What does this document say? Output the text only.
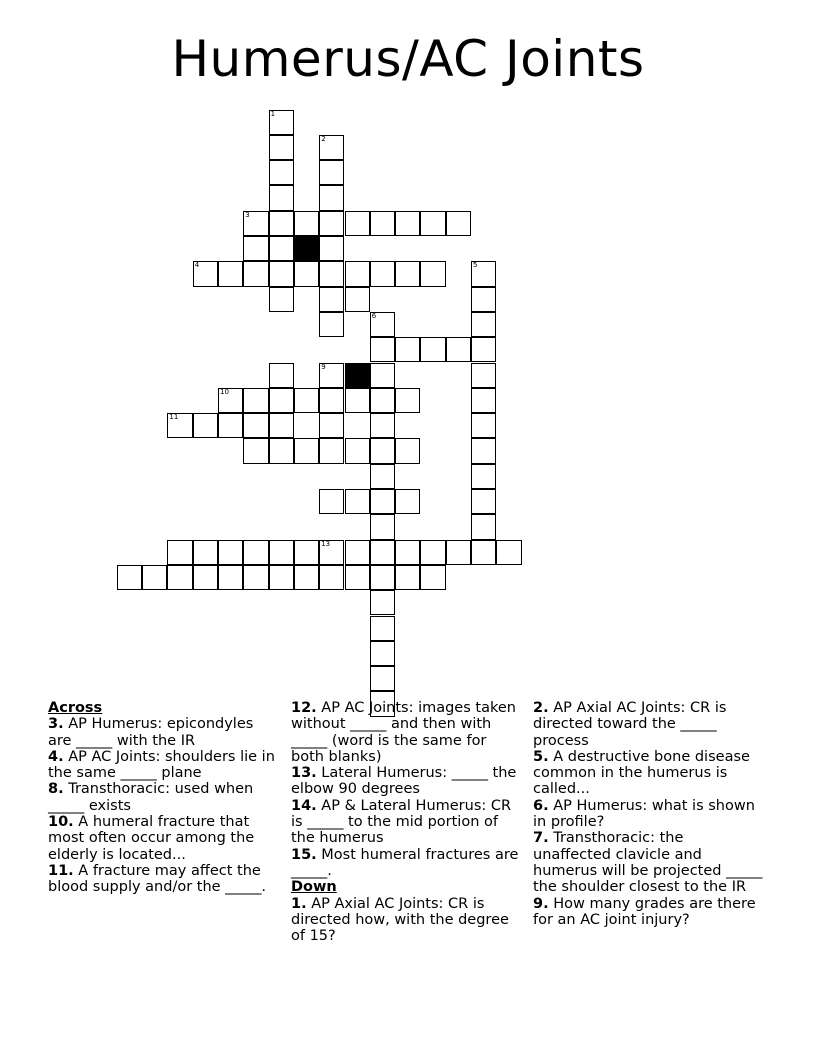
Humerus/AC Joints
1
2
3
4	5
6
9
10
11
13
Across
3. AP Humerus: epicondyles are _____ with the IR
4. AP AC Joints: shoulders lie in the same _____ plane
8. Transthoracic: used when _____ exists
10. A humeral fracture that most often occur among the elderly is located...
11. A fracture may affect the blood supply and/or the _____.
12. AP AC Joints: images taken without _____ and then with _____ (word is the same for both blanks)
13. Lateral Humerus: _____ the elbow 90 degrees
14. AP & Lateral Humerus: CR is _____ to the mid portion of the humerus
15. Most humeral fractures are _____.
Down
1. AP Axial AC Joints: CR is directed how, with the degree of 15?
2. AP Axial AC Joints: CR is directed toward the _____ process
5. A destructive bone disease common in the humerus is called...
6. AP Humerus: what is shown in profile?
7. Transthoracic: the unaffected clavicle and humerus will be projected _____ the shoulder closest to the IR
9. How many grades are there for an AC joint injury?
